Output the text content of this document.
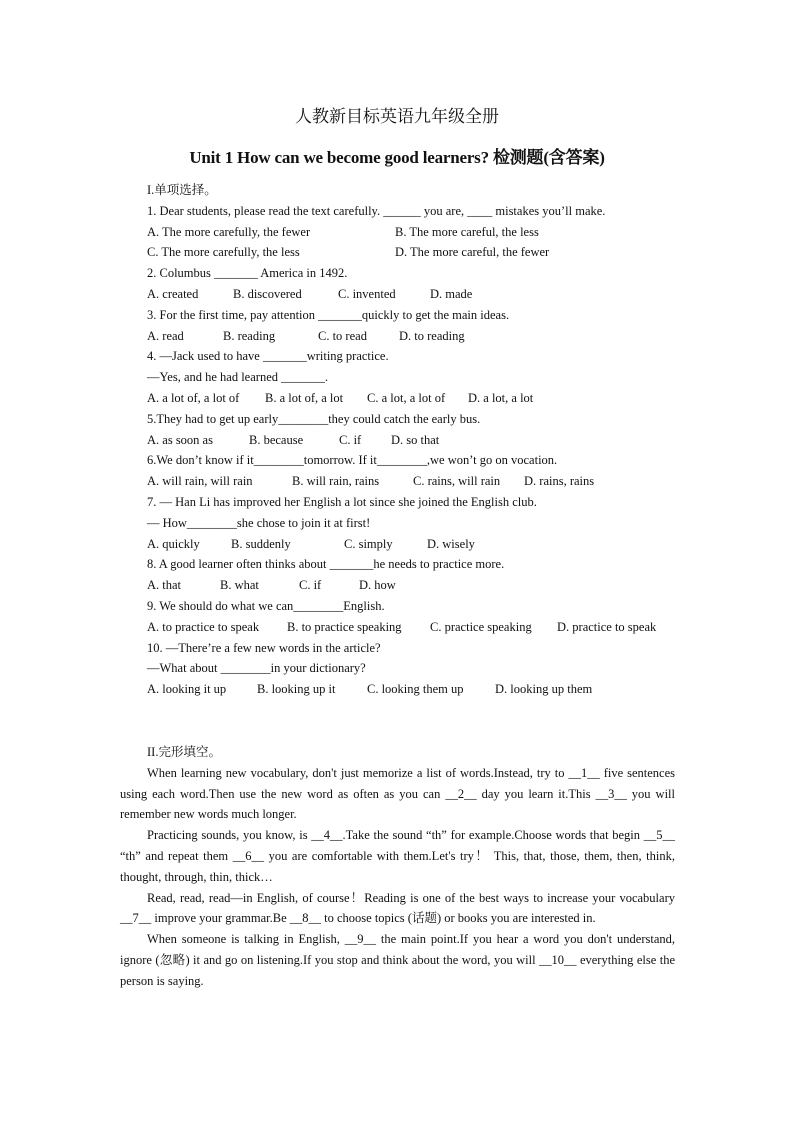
人教新目标英语九年级全册
Unit 1 How can we become good learners? 检测题(含答案)
I.单项选择。
1. Dear students, please read the text carefully. ______ you are, ____ mistakes you’ll make.
A. The more carefully, the fewer	B. The more careful, the less
C. The more carefully, the less	D. The more careful, the fewer
2. Columbus _______ America in 1492.
A. created	B. discovered	C. invented	D. made
3. For the first time, pay attention _______quickly to get the main ideas.
A. read	B. reading	C. to read	D. to reading
4. —Jack used to have _______writing practice.
—Yes, and he had learned _______.
A. a lot of, a lot of	B. a lot of, a lot	C. a lot, a lot of	D. a lot, a lot
5.They had to get up early________they could catch the early bus.
A. as soon as	B. because	C. if	D. so that
6.We don’t know if it________tomorrow. If it________,we won’t go on vocation.
A. will rain, will rain	B. will rain, rains	C. rains, will rain	D. rains, rains
7. — Han Li has improved her English a lot since she joined the English club.
— How________she chose to join it at first!
A. quickly	B. suddenly	C. simply	D. wisely
8. A good learner often thinks about _______he needs to practice more.
A. that	B. what	C. if	D. how
9. We should do what we can________English.
A. to practice to speak	B. to practice speaking	C. practice speaking	D. practice to speak
10. —There’re a few new words in the article?
—What about ________in your dictionary?
A. looking it up	B. looking up it	C. looking them up	D. looking up them
II.完形填空。

When learning new vocabulary, don't just memorize a list of words.Instead, try to __1__ five sentences using each word.Then use the new word as often as you can __2__ day you learn it.This __3__ you will remember new words much longer.

Practicing sounds, you know, is __4__.Take the sound “th” for example.Choose words that begin __5__ “th” and repeat them __6__ you are comfortable with them.Let's try！ This, that, those, them, then, think, thought, through, thin, thick…

Read, read, read—in English, of course！Reading is one of the best ways to increase your vocabulary __7__ improve your grammar.Be __8__ to choose topics (话题) or books you are interested in.

When someone is talking in English, __9__ the main point.If you hear a word you don't understand, ignore (忽略) it and go on listening.If you stop and think about the word, you will __10__ everything else the person is saying.
